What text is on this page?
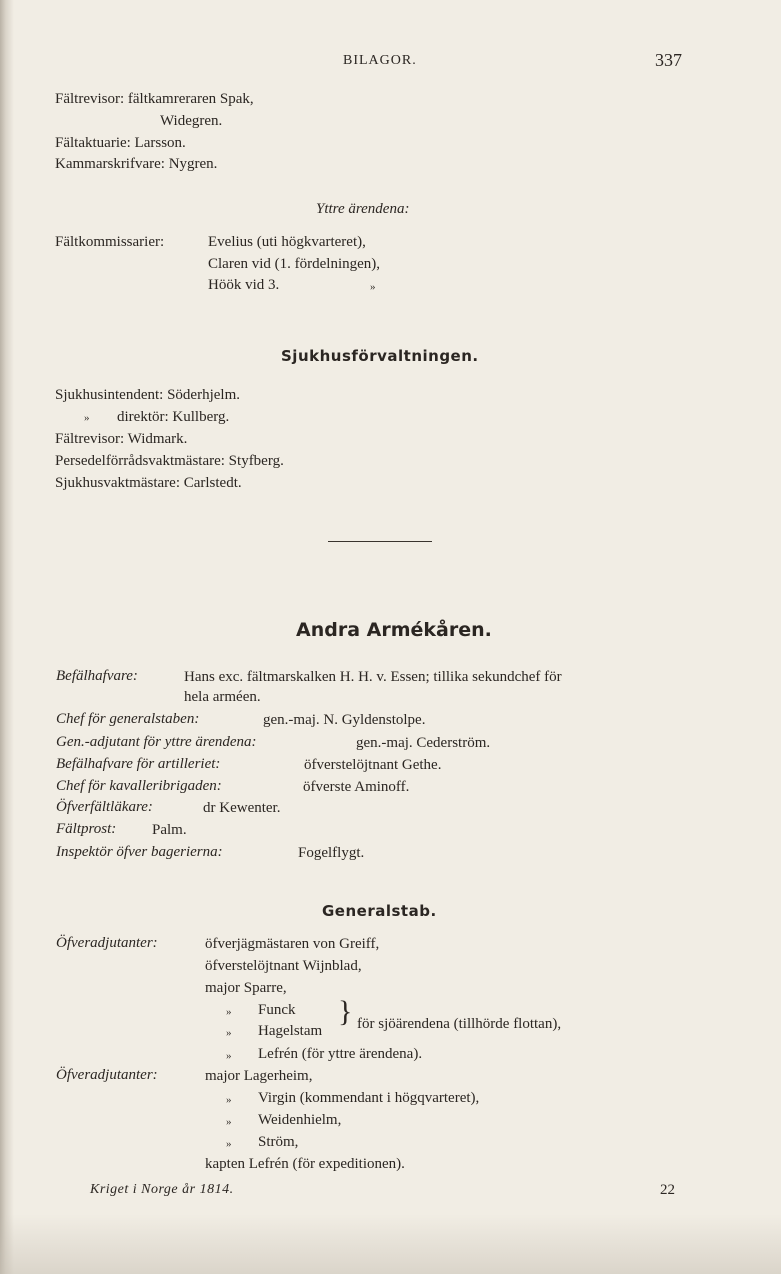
BILAGOR.	337
Fältrevisor: fältkamreraren Spak,
Widegren.
Fältaktuarie: Larsson.
Kammarskrifvare: Nygren.
Yttre ärendena:
Fältkommissarier:	Evelius (uti högkvarteret),
Claren vid (1. fördelningen),
Höök vid 3.	»
Sjukhusförvaltningen.
Sjukhusintendent: Söderhjelm.
» direktör: Kullberg.
Fältrevisor: Widmark.
Persedelförrådsvaktmästare: Styfberg.
Sjukhusvaktmästare: Carlstedt.
Andra Armékåren.
Befälhafvare:	Hans exc. fältmarskalken H. H. v. Essen; tillika sekundchef för
hela arméen.
Chef för generalstaben:	gen.-maj. N. Gyldenstolpe.
Gen.-adjutant för yttre ärendena:	gen.-maj. Cederström.
Befälhafvare för artilleriet:	öfverstelöjtnant Gethe.
Chef för kavalleribrigaden:	öfverste Aminoff.
Öfverfältläkare:	dr Kewenter.
Fältprost: Palm.
Inspektör öfver bagerierna:	Fogelflygt.
Generalstab.
Öfveradjutanter:	öfverjägmästaren von Greiff,
öfverstelöjtnant Wijnblad,
major Sparre,
» Funck
» Hagelstam
} för sjöärendena (tillhörde flottan),
» Lefrén (för yttre ärendena).
Öfveradjutanter:	major Lagerheim,
» Virgin (kommendant i högqvarteret),
» Weidenhielm,
» Ström,
kapten Lefrén (för expeditionen).
Kriget i Norge år 1814.	22
